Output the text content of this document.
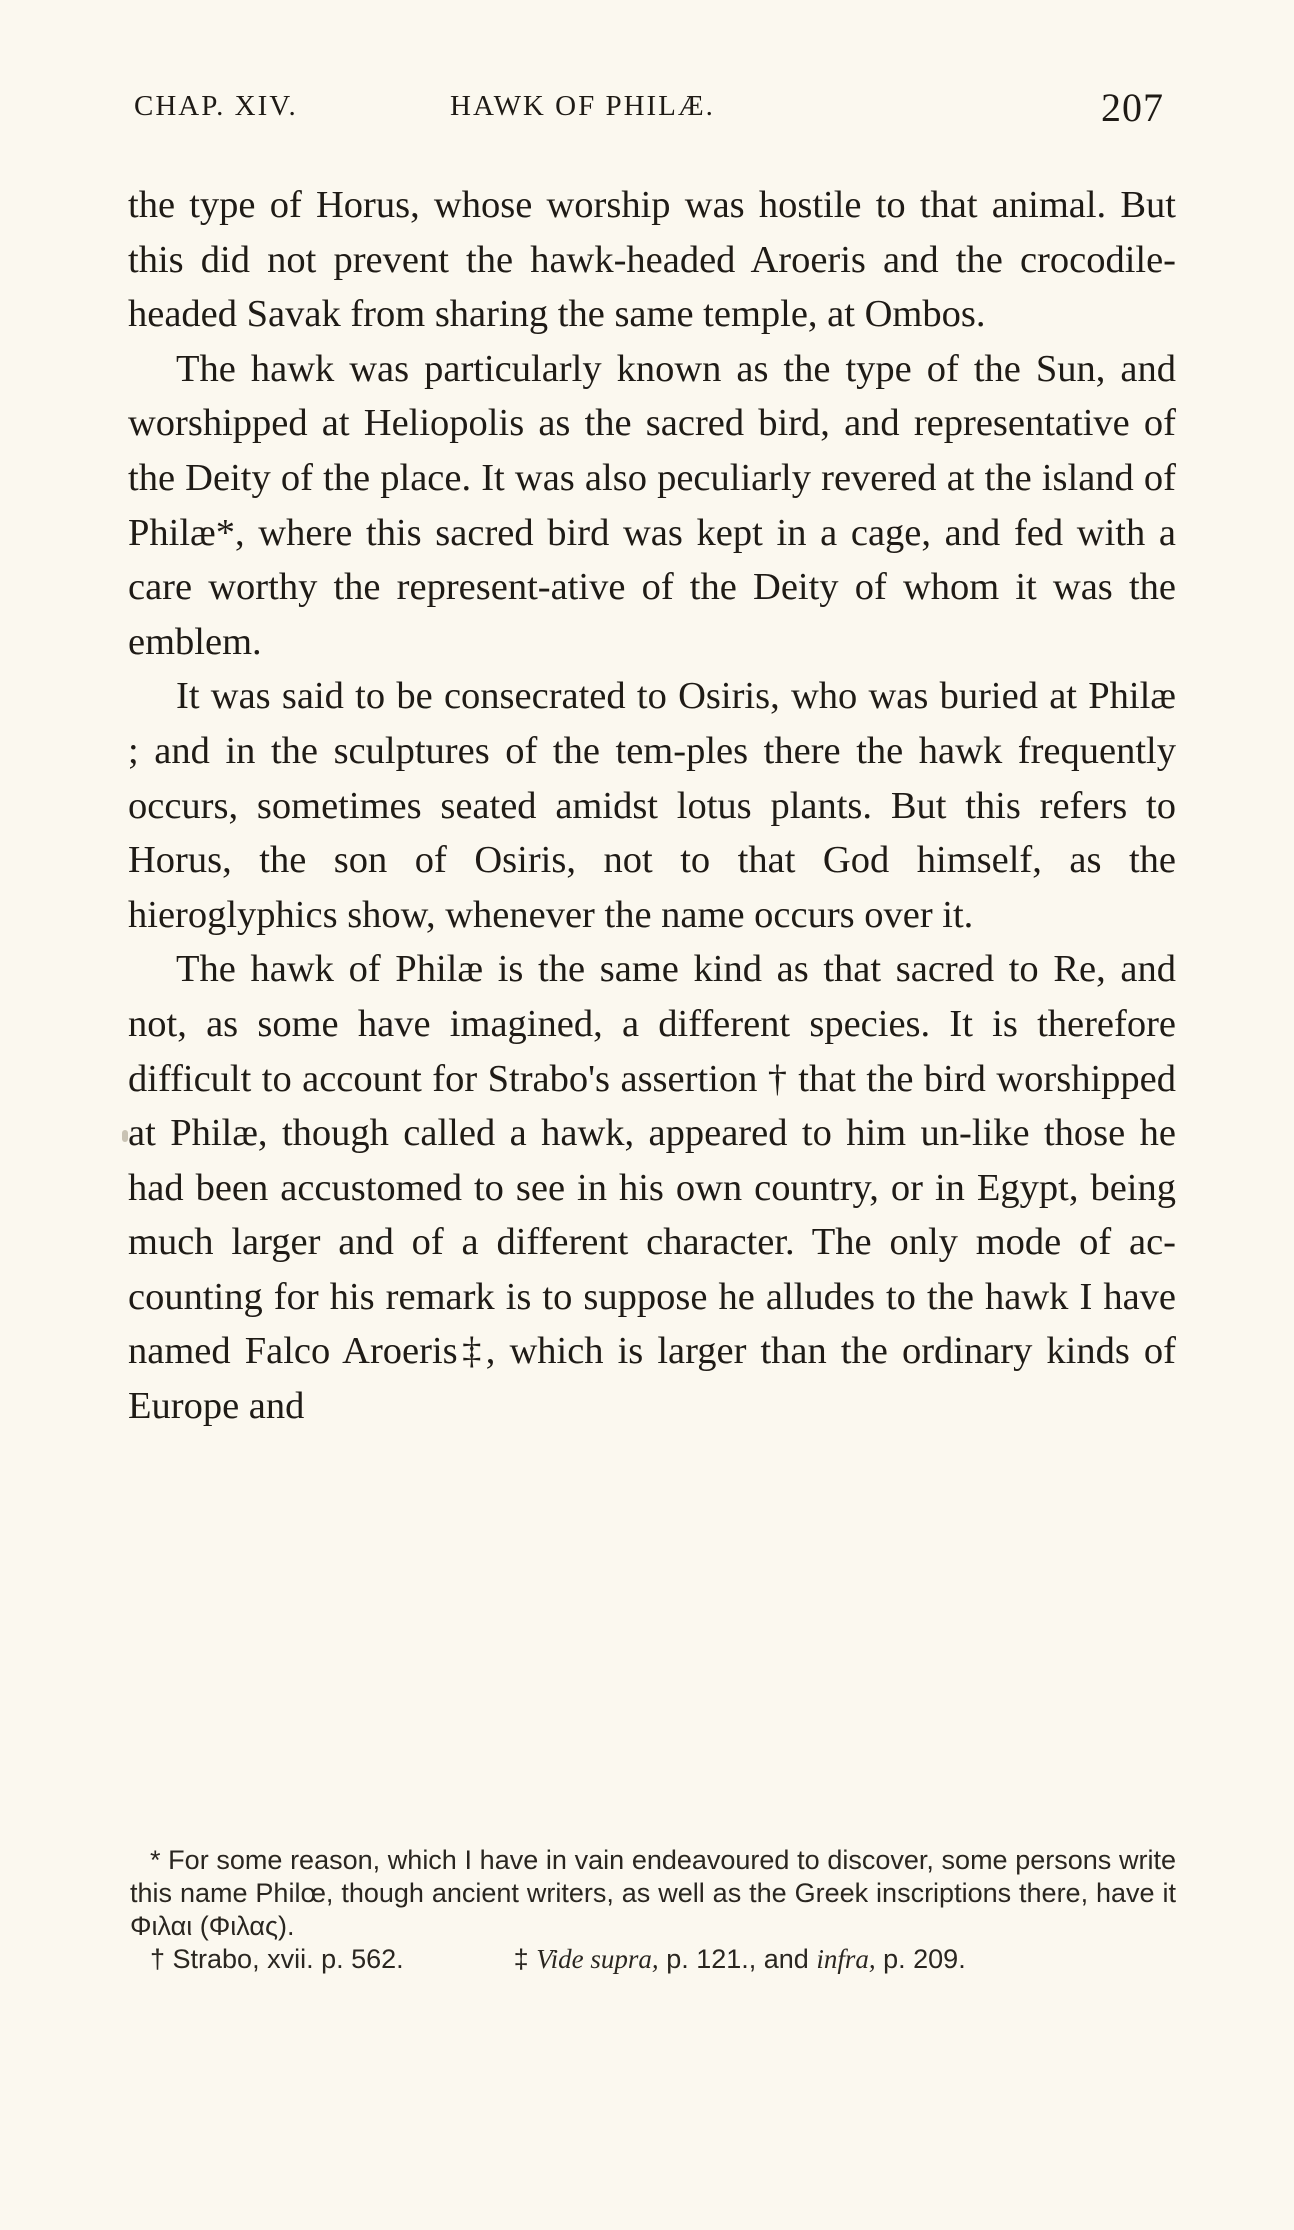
CHAP. XIV.	HAWK OF PHILÆ.	207

the type of Horus, whose worship was hostile to that animal. But this did not prevent the hawk-headed Aroeris and the crocodile-headed Savak from sharing the same temple, at Ombos.

The hawk was particularly known as the type of the Sun, and worshipped at Heliopolis as the sacred bird, and representative of the Deity of the place. It was also peculiarly revered at the island of Philæ*, where this sacred bird was kept in a cage, and fed with a care worthy the represent-ative of the Deity of whom it was the emblem.

It was said to be consecrated to Osiris, who was buried at Philæ ; and in the sculptures of the tem-ples there the hawk frequently occurs, sometimes seated amidst lotus plants. But this refers to Horus, the son of Osiris, not to that God himself, as the hieroglyphics show, whenever the name occurs over it.

The hawk of Philæ is the same kind as that sacred to Re, and not, as some have imagined, a different species. It is therefore difficult to account for Strabo's assertion † that the bird worshipped at Philæ, though called a hawk, appeared to him un-like those he had been accustomed to see in his own country, or in Egypt, being much larger and of a different character. The only mode of ac-counting for his remark is to suppose he alludes to the hawk I have named Falco Aroeris‡, which is larger than the ordinary kinds of Europe and

* For some reason, which I have in vain endeavoured to discover, some persons write this name Philœ, though ancient writers, as well as the Greek inscriptions there, have it Φιλαι (Φιλας).

† Strabo, xvii. p. 562.	‡ Vide supra, p. 121., and infra, p. 209.
